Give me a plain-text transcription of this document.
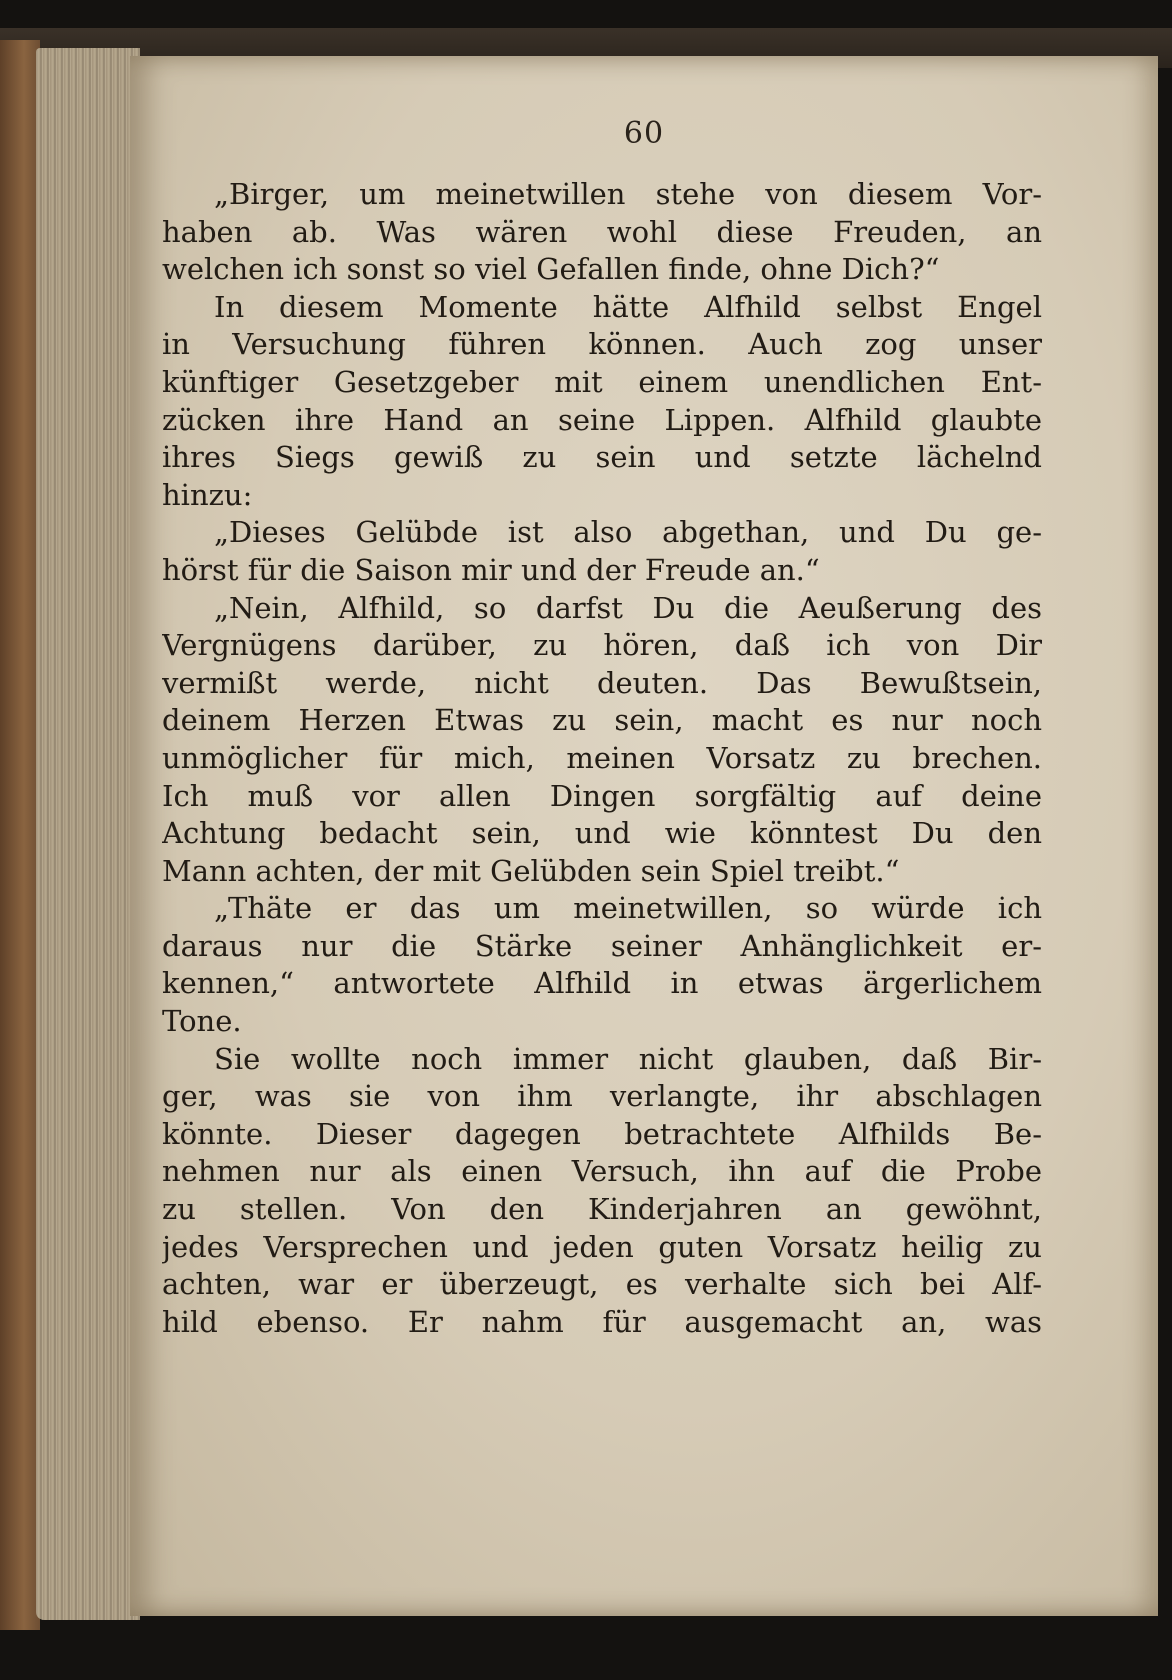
60
„Birger, um meinetwillen stehe von diesem Vor-
haben ab. Was wären wohl diese Freuden, an
welchen ich sonst so viel Gefallen finde, ohne Dich?“
In diesem Momente hätte Alfhild selbst Engel
in Versuchung führen können. Auch zog unser
künftiger Gesetzgeber mit einem unendlichen Ent-
zücken ihre Hand an seine Lippen. Alfhild glaubte
ihres Siegs gewiß zu sein und setzte lächelnd
hinzu:
„Dieses Gelübde ist also abgethan, und Du ge-
hörst für die Saison mir und der Freude an.“
„Nein, Alfhild, so darfst Du die Aeußerung des
Vergnügens darüber, zu hören, daß ich von Dir
vermißt werde, nicht deuten. Das Bewußtsein,
deinem Herzen Etwas zu sein, macht es nur noch
unmöglicher für mich, meinen Vorsatz zu brechen.
Ich muß vor allen Dingen sorgfältig auf deine
Achtung bedacht sein, und wie könntest Du den
Mann achten, der mit Gelübden sein Spiel treibt.“
„Thäte er das um meinetwillen, so würde ich
daraus nur die Stärke seiner Anhänglichkeit er-
kennen,“ antwortete Alfhild in etwas ärgerlichem
Tone.
Sie wollte noch immer nicht glauben, daß Bir-
ger, was sie von ihm verlangte, ihr abschlagen
könnte. Dieser dagegen betrachtete Alfhilds Be-
nehmen nur als einen Versuch, ihn auf die Probe
zu stellen. Von den Kinderjahren an gewöhnt,
jedes Versprechen und jeden guten Vorsatz heilig zu
achten, war er überzeugt, es verhalte sich bei Alf-
hild ebenso. Er nahm für ausgemacht an, was
